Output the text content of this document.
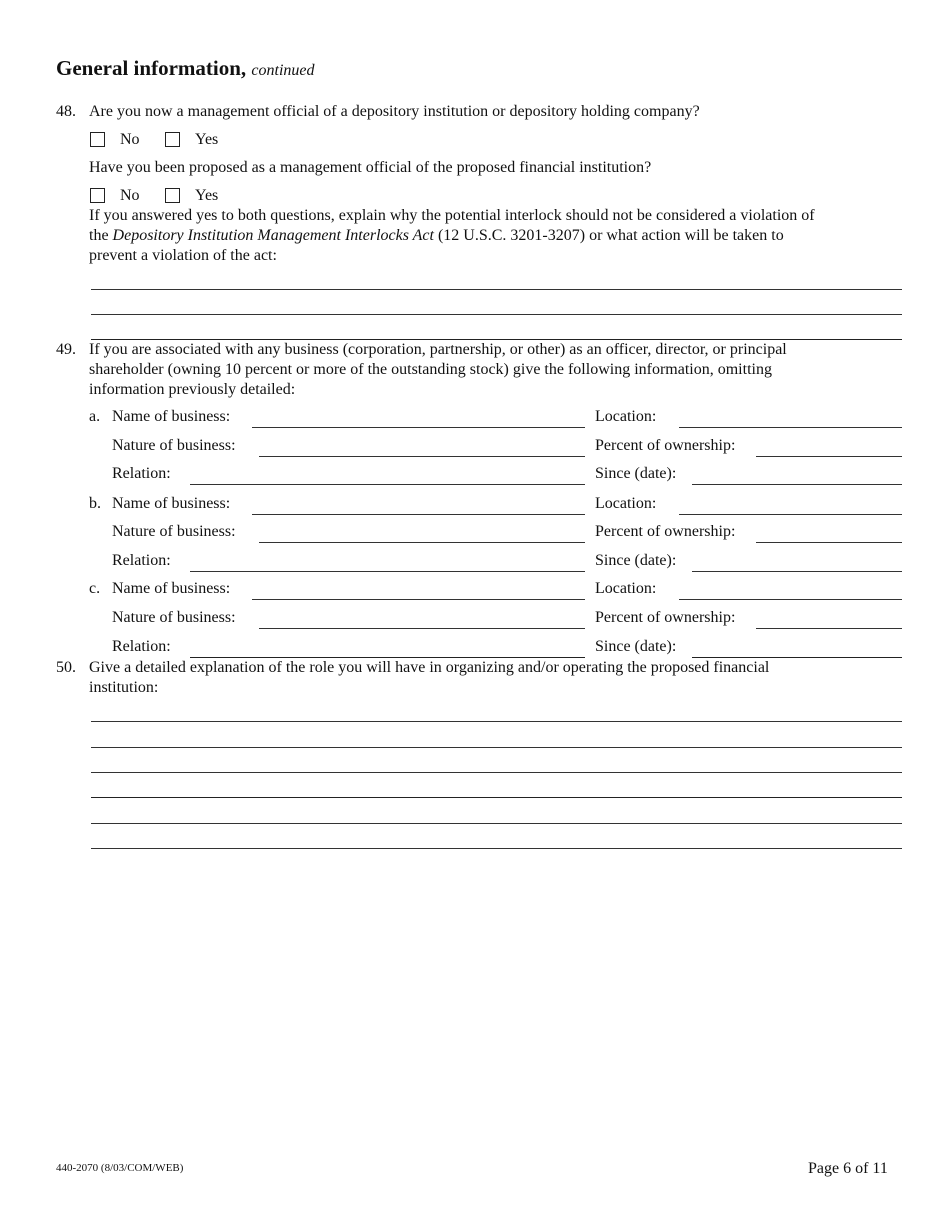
General information, continued
48. Are you now a management official of a depository institution or depository holding company?
No	Yes
Have you been proposed as a management official of the proposed financial institution?
No	Yes
If you answered yes to both questions, explain why the potential interlock should not be considered a violation of the Depository Institution Management Interlocks Act (12 U.S.C. 3201-3207) or what action will be taken to prevent a violation of the act:
49. If you are associated with any business (corporation, partnership, or other) as an officer, director, or principal shareholder (owning 10 percent or more of the outstanding stock) give the following information, omitting information previously detailed:
a. Name of business:	Location:
Nature of business:	Percent of ownership:
Relation:	Since (date):
b. Name of business:	Location:
Nature of business:	Percent of ownership:
Relation:	Since (date):
c. Name of business:	Location:
Nature of business:	Percent of ownership:
Relation:	Since (date):
50. Give a detailed explanation of the role you will have in organizing and/or operating the proposed financial institution:
440-2070 (8/03/COM/WEB)	Page 6 of 11
